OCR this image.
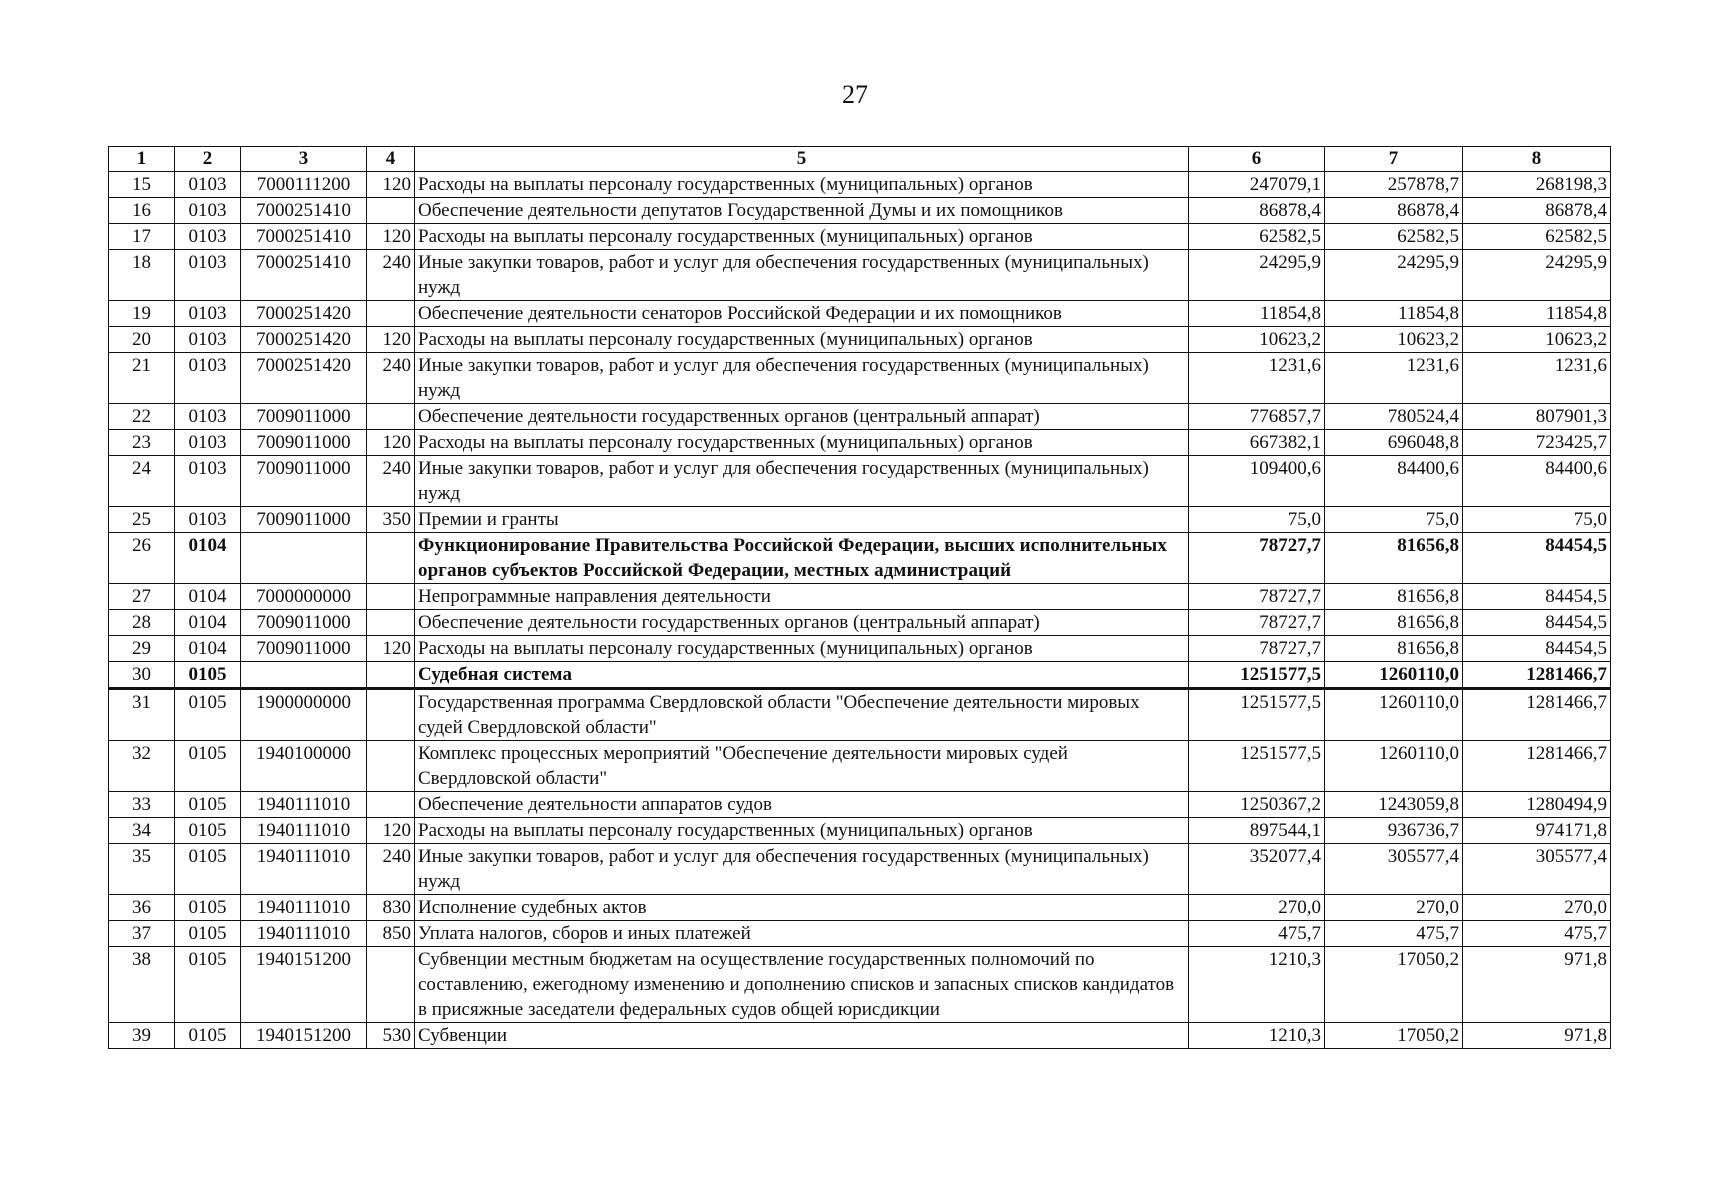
27
1	2	3	4	5	6	7	8
15	0103	7000111200	120	Расходы на выплаты персоналу государственных (муниципальных) органов	247079,1	257878,7	268198,3
16	0103	7000251410		Обеспечение деятельности депутатов Государственной Думы и их помощников	86878,4	86878,4	86878,4
17	0103	7000251410	120	Расходы на выплаты персоналу государственных (муниципальных) органов	62582,5	62582,5	62582,5
18	0103	7000251410	240	Иные закупки товаров, работ и услуг для обеспечения государственных (муниципальных) нужд	24295,9	24295,9	24295,9
19	0103	7000251420		Обеспечение деятельности сенаторов Российской Федерации и их помощников	11854,8	11854,8	11854,8
20	0103	7000251420	120	Расходы на выплаты персоналу государственных (муниципальных) органов	10623,2	10623,2	10623,2
21	0103	7000251420	240	Иные закупки товаров, работ и услуг для обеспечения государственных (муниципальных) нужд	1231,6	1231,6	1231,6
22	0103	7009011000		Обеспечение деятельности государственных органов (центральный аппарат)	776857,7	780524,4	807901,3
23	0103	7009011000	120	Расходы на выплаты персоналу государственных (муниципальных) органов	667382,1	696048,8	723425,7
24	0103	7009011000	240	Иные закупки товаров, работ и услуг для обеспечения государственных (муниципальных) нужд	109400,6	84400,6	84400,6
25	0103	7009011000	350	Премии и гранты	75,0	75,0	75,0
26	0104			Функционирование Правительства Российской Федерации, высших исполнительных органов субъектов Российской Федерации, местных администраций	78727,7	81656,8	84454,5
27	0104	7000000000		Непрограммные направления деятельности	78727,7	81656,8	84454,5
28	0104	7009011000		Обеспечение деятельности государственных органов (центральный аппарат)	78727,7	81656,8	84454,5
29	0104	7009011000	120	Расходы на выплаты персоналу государственных (муниципальных) органов	78727,7	81656,8	84454,5
30	0105			Судебная система	1251577,5	1260110,0	1281466,7
31	0105	1900000000		Государственная программа Свердловской области "Обеспечение деятельности мировых судей Свердловской области"	1251577,5	1260110,0	1281466,7
32	0105	1940100000		Комплекс процессных мероприятий "Обеспечение деятельности мировых судей Свердловской области"	1251577,5	1260110,0	1281466,7
33	0105	1940111010		Обеспечение деятельности аппаратов судов	1250367,2	1243059,8	1280494,9
34	0105	1940111010	120	Расходы на выплаты персоналу государственных (муниципальных) органов	897544,1	936736,7	974171,8
35	0105	1940111010	240	Иные закупки товаров, работ и услуг для обеспечения государственных (муниципальных) нужд	352077,4	305577,4	305577,4
36	0105	1940111010	830	Исполнение судебных актов	270,0	270,0	270,0
37	0105	1940111010	850	Уплата налогов, сборов и иных платежей	475,7	475,7	475,7
38	0105	1940151200		Субвенции местным бюджетам на осуществление государственных полномочий по составлению, ежегодному изменению и дополнению списков и запасных списков кандидатов в присяжные заседатели федеральных судов общей юрисдикции	1210,3	17050,2	971,8
39	0105	1940151200	530	Субвенции	1210,3	17050,2	971,8
